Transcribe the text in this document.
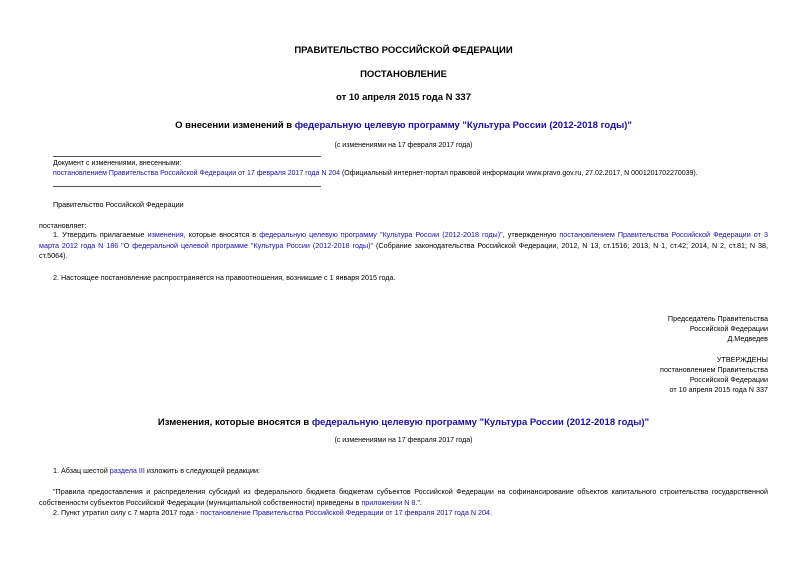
ПРАВИТЕЛЬСТВО РОССИЙСКОЙ ФЕДЕРАЦИИ
ПОСТАНОВЛЕНИЕ
от 10 апреля 2015 года N 337
О внесении изменений в федеральную целевую программу "Культура России (2012-2018 годы)"
(с изменениями на 17 февраля 2017 года)
Документ с изменениями, внесенными:
постановлением Правительства Российской Федерации от 17 февраля 2017 года N 204 (Официальный интернет-портал правовой информации www.pravo.gov.ru, 27.02.2017, N 0001201702270039).
Правительство Российской Федерации
постановляет:
1. Утвердить прилагаемые изменения, которые вносятся в федеральную целевую программу "Культура России (2012-2018 годы)", утвержденную постановлением Правительства Российской Федерации от 3 марта 2012 года N 186 "О федеральной целевой программе "Культура России (2012-2018 годы)" (Собрание законодательства Российской Федерации, 2012, N 13, ст.1516; 2013, N 1, ст.42; 2014, N 2, ст.81; N 38, ст.5064).
2. Настоящее постановление распространяется на правоотношения, возникшие с 1 января 2015 года.
Председатель Правительства
Российской Федерации
Д.Медведев
УТВЕРЖДЕНЫ
постановлением Правительства
Российской Федерации
от 10 апреля 2015 года N 337
Изменения, которые вносятся в федеральную целевую программу "Культура России (2012-2018 годы)"
(с изменениями на 17 февраля 2017 года)
1. Абзац шестой раздела III изложить в следующей редакции:
"Правила предоставления и распределения субсидий из федерального бюджета бюджетам субъектов Российской Федерации на софинансирование объектов капитального строительства государственной собственности субъектов Российской Федерации (муниципальной собственности) приведены в приложении N 8.".
2. Пункт утратил силу с 7 марта 2017 года - постановление Правительства Российской Федерации от 17 февраля 2017 года N 204.
